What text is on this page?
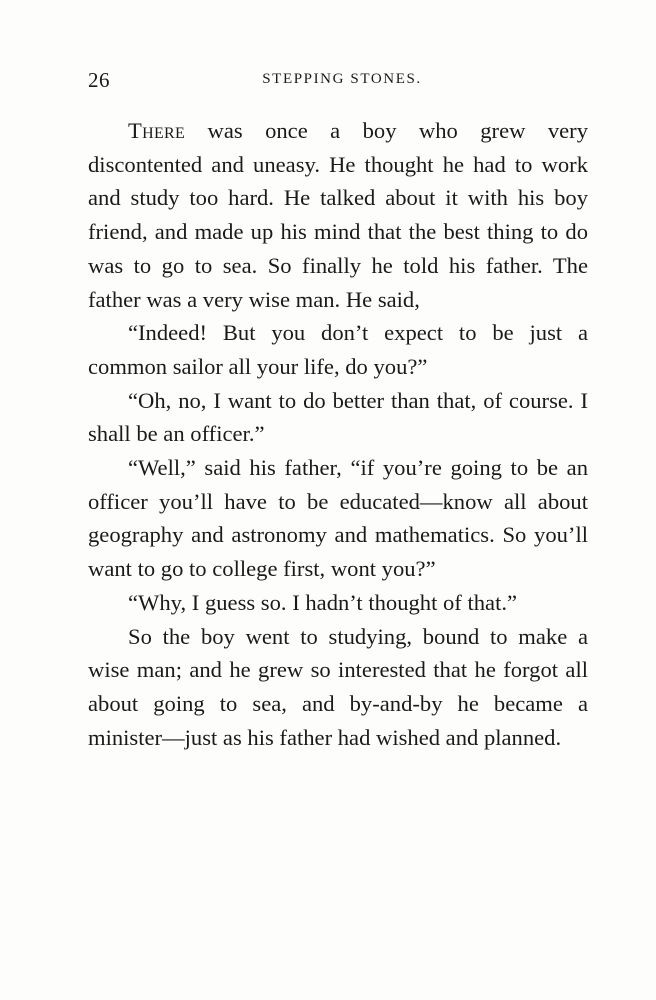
26	STEPPING STONES.

There was once a boy who grew very discontented and uneasy. He thought he had to work and study too hard. He talked about it with his boy friend, and made up his mind that the best thing to do was to go to sea. So finally he told his father. The father was a very wise man. He said,

“Indeed! But you don’t expect to be just a common sailor all your life, do you?”

“Oh, no, I want to do better than that, of course. I shall be an officer.”

“Well,” said his father, “if you’re going to be an officer you’ll have to be educated—know all about geography and astronomy and mathematics. So you’ll want to go to college first, wont you?”

“Why, I guess so. I hadn’t thought of that.”

So the boy went to studying, bound to make a wise man; and he grew so interested that he forgot all about going to sea, and by-and-by he became a minister—just as his father had wished and planned.
